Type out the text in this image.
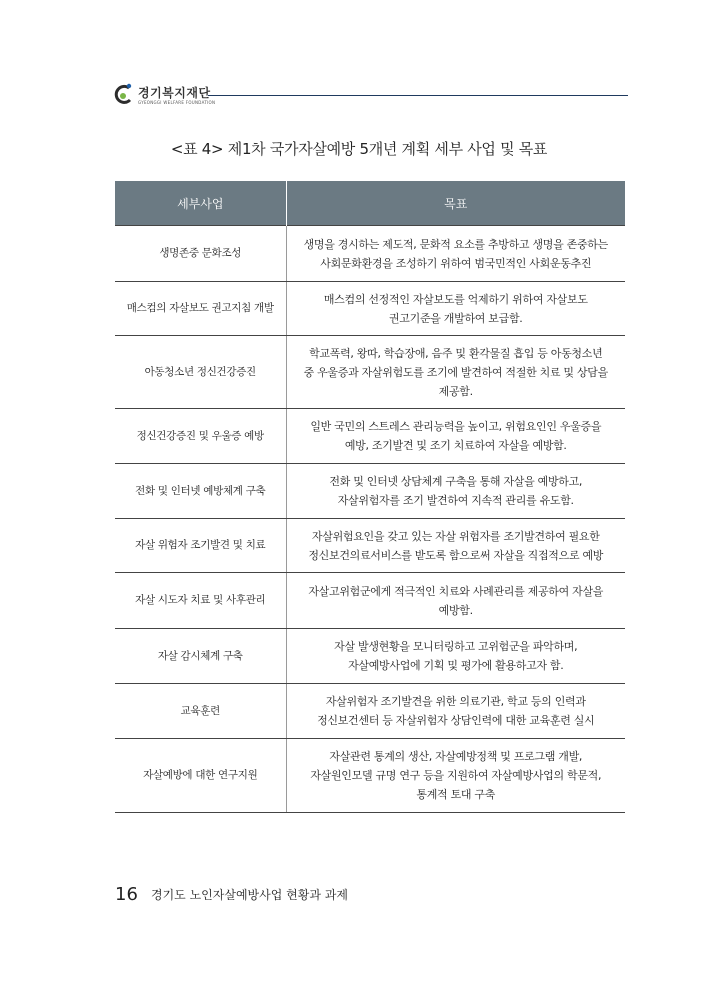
경기복지재단
GYEONGGI WELFARE FOUNDATION
<표 4> 제1차 국가자살예방 5개년 계획 세부 사업 및 목표
세부사업	목표
생명존중 문화조성	생명을 경시하는 제도적, 문화적 요소를 추방하고 생명을 존중하는
사회문화환경을 조성하기 위하여 범국민적인 사회운동추진
매스컴의 자살보도 권고지침 개발	매스컴의 선정적인 자살보도를 억제하기 위하여 자살보도
권고기준을 개발하여 보급함.
아동청소년 정신건강증진	학교폭력, 왕따, 학습장애, 음주 및 환각물질 흡입 등 아동청소년
중 우울증과 자살위험도를 조기에 발견하여 적절한 치료 및 상담을
제공함.
정신건강증진 및 우울증 예방	일반 국민의 스트레스 관리능력을 높이고, 위험요인인 우울증을
예방, 조기발견 및 조기 치료하여 자살을 예방함.
전화 및 인터넷 예방체계 구축	전화 및 인터넷 상담체계 구축을 통해 자살을 예방하고,
자살위험자를 조기 발견하여 지속적 관리를 유도함.
자살 위험자 조기발견 및 치료	자살위험요인을 갖고 있는 자살 위험자를 조기발견하여 필요한
정신보건의료서비스를 받도록 함으로써 자살을 직접적으로 예방
자살 시도자 치료 및 사후관리	자살고위험군에게 적극적인 치료와 사례관리를 제공하여 자살을
예방함.
자살 감시체계 구축	자살 발생현황을 모니터링하고 고위험군을 파악하며,
자살예방사업에 기획 및 평가에 활용하고자 함.
교육훈련	자살위험자 조기발견을 위한 의료기관, 학교 등의 인력과
정신보건센터 등 자살위험자 상담인력에 대한 교육훈련 실시
자살예방에 대한 연구지원	자살관련 통계의 생산, 자살예방정책 및 프로그램 개발,
자살원인모델 규명 연구 등을 지원하여 자살예방사업의 학문적,
통계적 토대 구축
16 경기도 노인자살예방사업 현황과 과제
